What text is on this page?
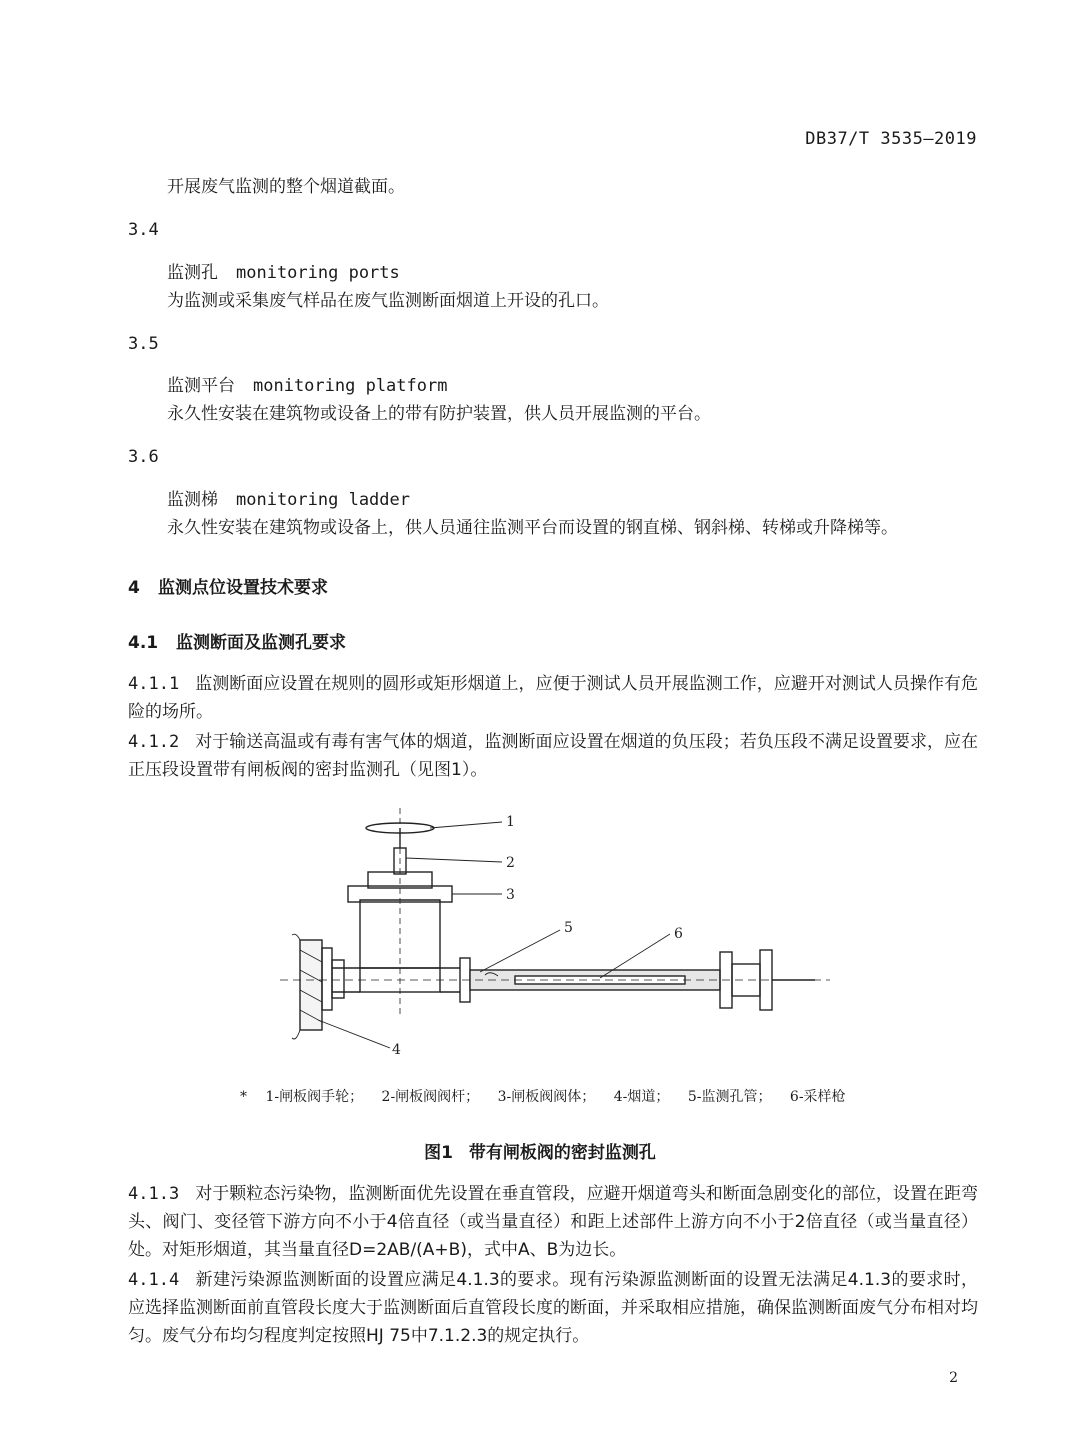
DB37/T 3535—2019
开展废气监测的整个烟道截面。
3.4
监测孔 monitoring ports
为监测或采集废气样品在废气监测断面烟道上开设的孔口。
3.5
监测平台 monitoring platform
永久性安装在建筑物或设备上的带有防护装置，供人员开展监测的平台。
3.6
监测梯 monitoring ladder
永久性安装在建筑物或设备上，供人员通往监测平台而设置的钢直梯、钢斜梯、转梯或升降梯等。
4 监测点位设置技术要求
4.1 监测断面及监测孔要求
4.1.1 监测断面应设置在规则的圆形或矩形烟道上，应便于测试人员开展监测工作，应避开对测试人员操作有危险的场所。
4.1.2 对于输送高温或有毒有害气体的烟道，监测断面应设置在烟道的负压段；若负压段不满足设置要求，应在正压段设置带有闸板阀的密封监测孔（见图1）。
1
2
3
4
5	6
* 1-闸板阀手轮； 2-闸板阀阀杆； 3-闸板阀阀体； 4-烟道； 5-监测孔管； 6-采样枪
图1 带有闸板阀的密封监测孔
4.1.3 对于颗粒态污染物，监测断面优先设置在垂直管段，应避开烟道弯头和断面急剧变化的部位，设置在距弯头、阀门、变径管下游方向不小于4倍直径（或当量直径）和距上述部件上游方向不小于2倍直径（或当量直径）处。对矩形烟道，其当量直径D=2AB/(A+B)，式中A、B为边长。
4.1.4 新建污染源监测断面的设置应满足4.1.3的要求。现有污染源监测断面的设置无法满足4.1.3的要求时，应选择监测断面前直管段长度大于监测断面后直管段长度的断面，并采取相应措施，确保监测断面废气分布相对均匀。废气分布均匀程度判定按照HJ 75中7.1.2.3的规定执行。
2
